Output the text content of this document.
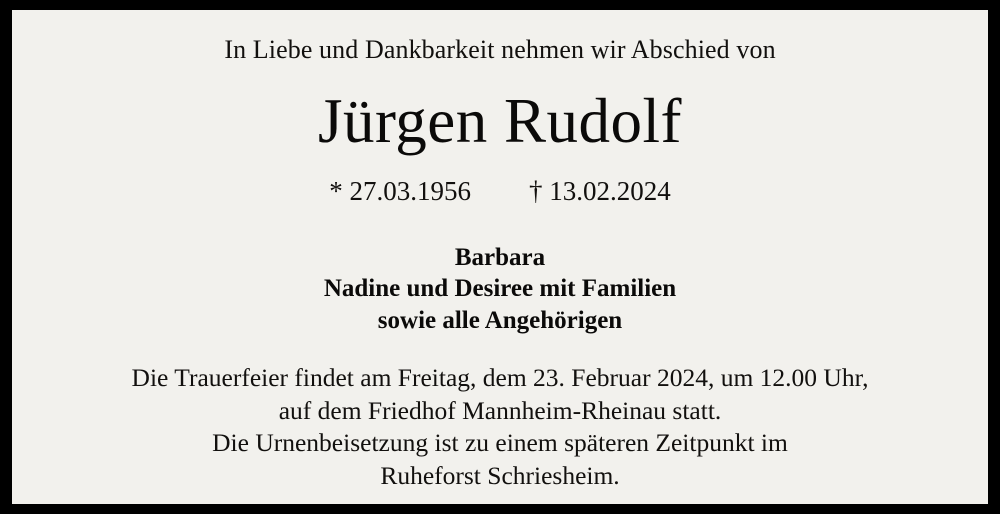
In Liebe und Dankbarkeit nehmen wir Abschied von
Jürgen Rudolf
* 27.03.1956 † 13.02.2024
Barbara
Nadine und Desiree mit Familien
sowie alle Angehörigen
Die Trauerfeier findet am Freitag, dem 23. Februar 2024, um 12.00 Uhr,
auf dem Friedhof Mannheim-Rheinau statt.
Die Urnenbeisetzung ist zu einem späteren Zeitpunkt im
Ruheforst Schriesheim.
